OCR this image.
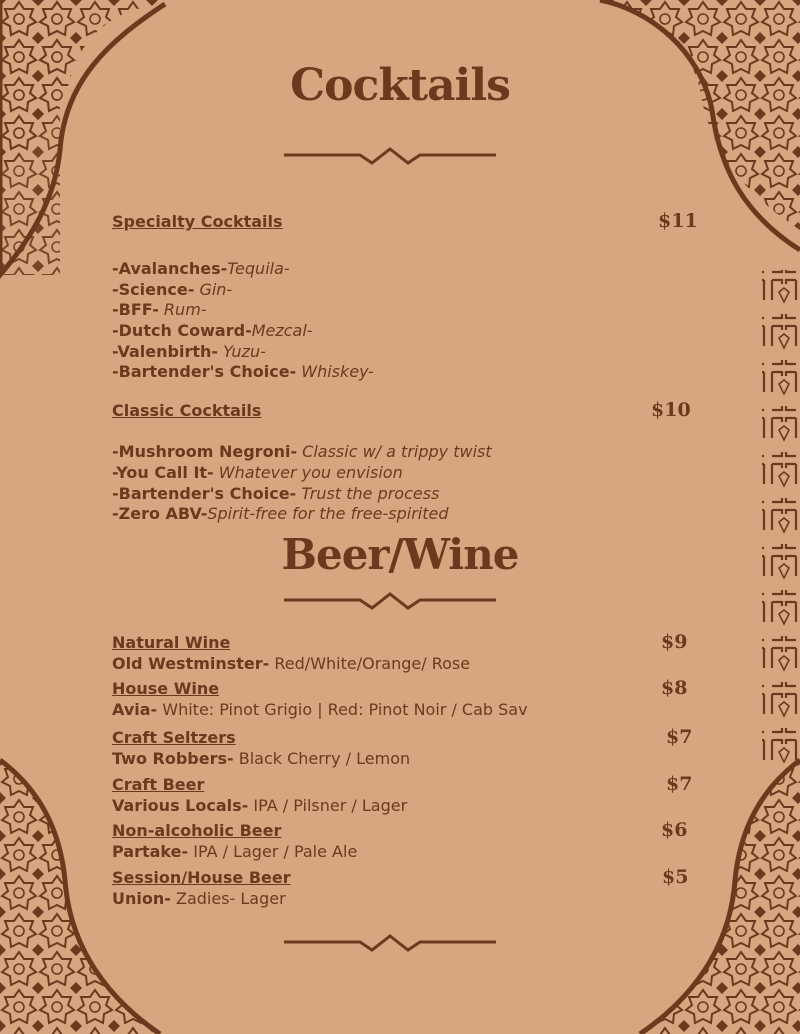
Cocktails
Specialty Cocktails	$11
-Avalanches-Tequila-
-Science- Gin-
-BFF- Rum-
-Dutch Coward-Mezcal-
-Valenbirth- Yuzu-
-Bartender's Choice- Whiskey-
Classic Cocktails	$10
-Mushroom Negroni- Classic w/ a trippy twist
-You Call It- Whatever you envision
-Bartender's Choice- Trust the process
-Zero ABV-Spirit-free for the free-spirited
Beer/Wine
Natural Wine	$9
Old Westminster- Red/White/Orange/ Rose
House Wine	$8
Avia- White: Pinot Grigio | Red: Pinot Noir / Cab Sav
Craft Seltzers	$7
Two Robbers- Black Cherry / Lemon
Craft Beer	$7
Various Locals- IPA / Pilsner / Lager
Non-alcoholic Beer	$6
Partake- IPA / Lager / Pale Ale
Session/House Beer	$5
Union- Zadies- Lager
